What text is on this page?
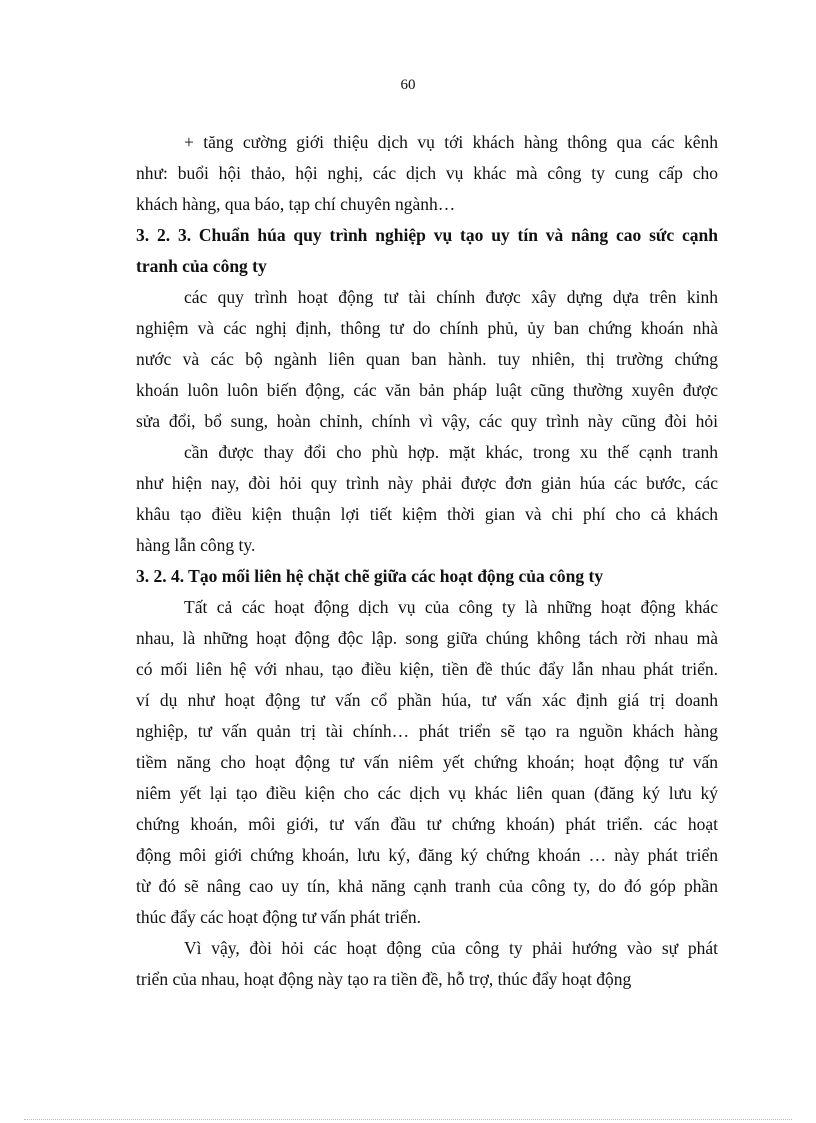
60
+ tăng cường giới thiệu dịch vụ tới khách hàng thông qua các kênh
như: buổi hội thảo, hội nghị, các dịch vụ khác mà công ty cung cấp cho
khách hàng, qua báo, tạp chí chuyên ngành…
3. 2. 3. Chuẩn húa quy trình nghiệp vụ tạo uy tín và nâng cao sức cạnh
tranh của công ty
các quy trình hoạt động tư tài chính được xây dựng dựa trên kinh
nghiệm và các nghị định, thông tư do chính phủ, ủy ban chứng khoán nhà
nước và các bộ ngành liên quan ban hành. tuy nhiên, thị trường chứng
khoán luôn luôn biến động, các văn bản pháp luật cũng thường xuyên được
sửa đổi, bổ sung, hoàn chỉnh, chính vì vậy, các quy trình này cũng đòi hỏi
cần được thay đổi cho phù hợp. mặt khác, trong xu thế cạnh tranh
như hiện nay, đòi hỏi quy trình này phải được đơn giản húa các bước, các
khâu tạo điều kiện thuận lợi tiết kiệm thời gian và chi phí cho cả khách
hàng lẫn công ty.
3. 2. 4. Tạo mối liên hệ chặt chẽ giữa các hoạt động của công ty
Tất cả các hoạt động dịch vụ của công ty là những hoạt động khác
nhau, là những hoạt động độc lập. song giữa chúng không tách rời nhau mà
có mối liên hệ với nhau, tạo điều kiện, tiền đề thúc đẩy lẫn nhau phát triển.
ví dụ như hoạt động tư vấn cổ phần húa, tư vấn xác định giá trị doanh
nghiệp, tư vấn quản trị tài chính… phát triển sẽ tạo ra nguồn khách hàng
tiềm năng cho hoạt động tư vấn niêm yết chứng khoán; hoạt động tư vấn
niêm yết lại tạo điều kiện cho các dịch vụ khác liên quan (đăng ký lưu ký
chứng khoán, môi giới, tư vấn đầu tư chứng khoán) phát triển. các hoạt
động môi giới chứng khoán, lưu ký, đăng ký chứng khoán … này phát triển
từ đó sẽ nâng cao uy tín, khả năng cạnh tranh của công ty, do đó góp phần
thúc đẩy các hoạt động tư vấn phát triển.
Vì vậy, đòi hỏi các hoạt động của công ty phải hướng vào sự phát
triển của nhau, hoạt động này tạo ra tiền đề, hỗ trợ, thúc đẩy hoạt động
